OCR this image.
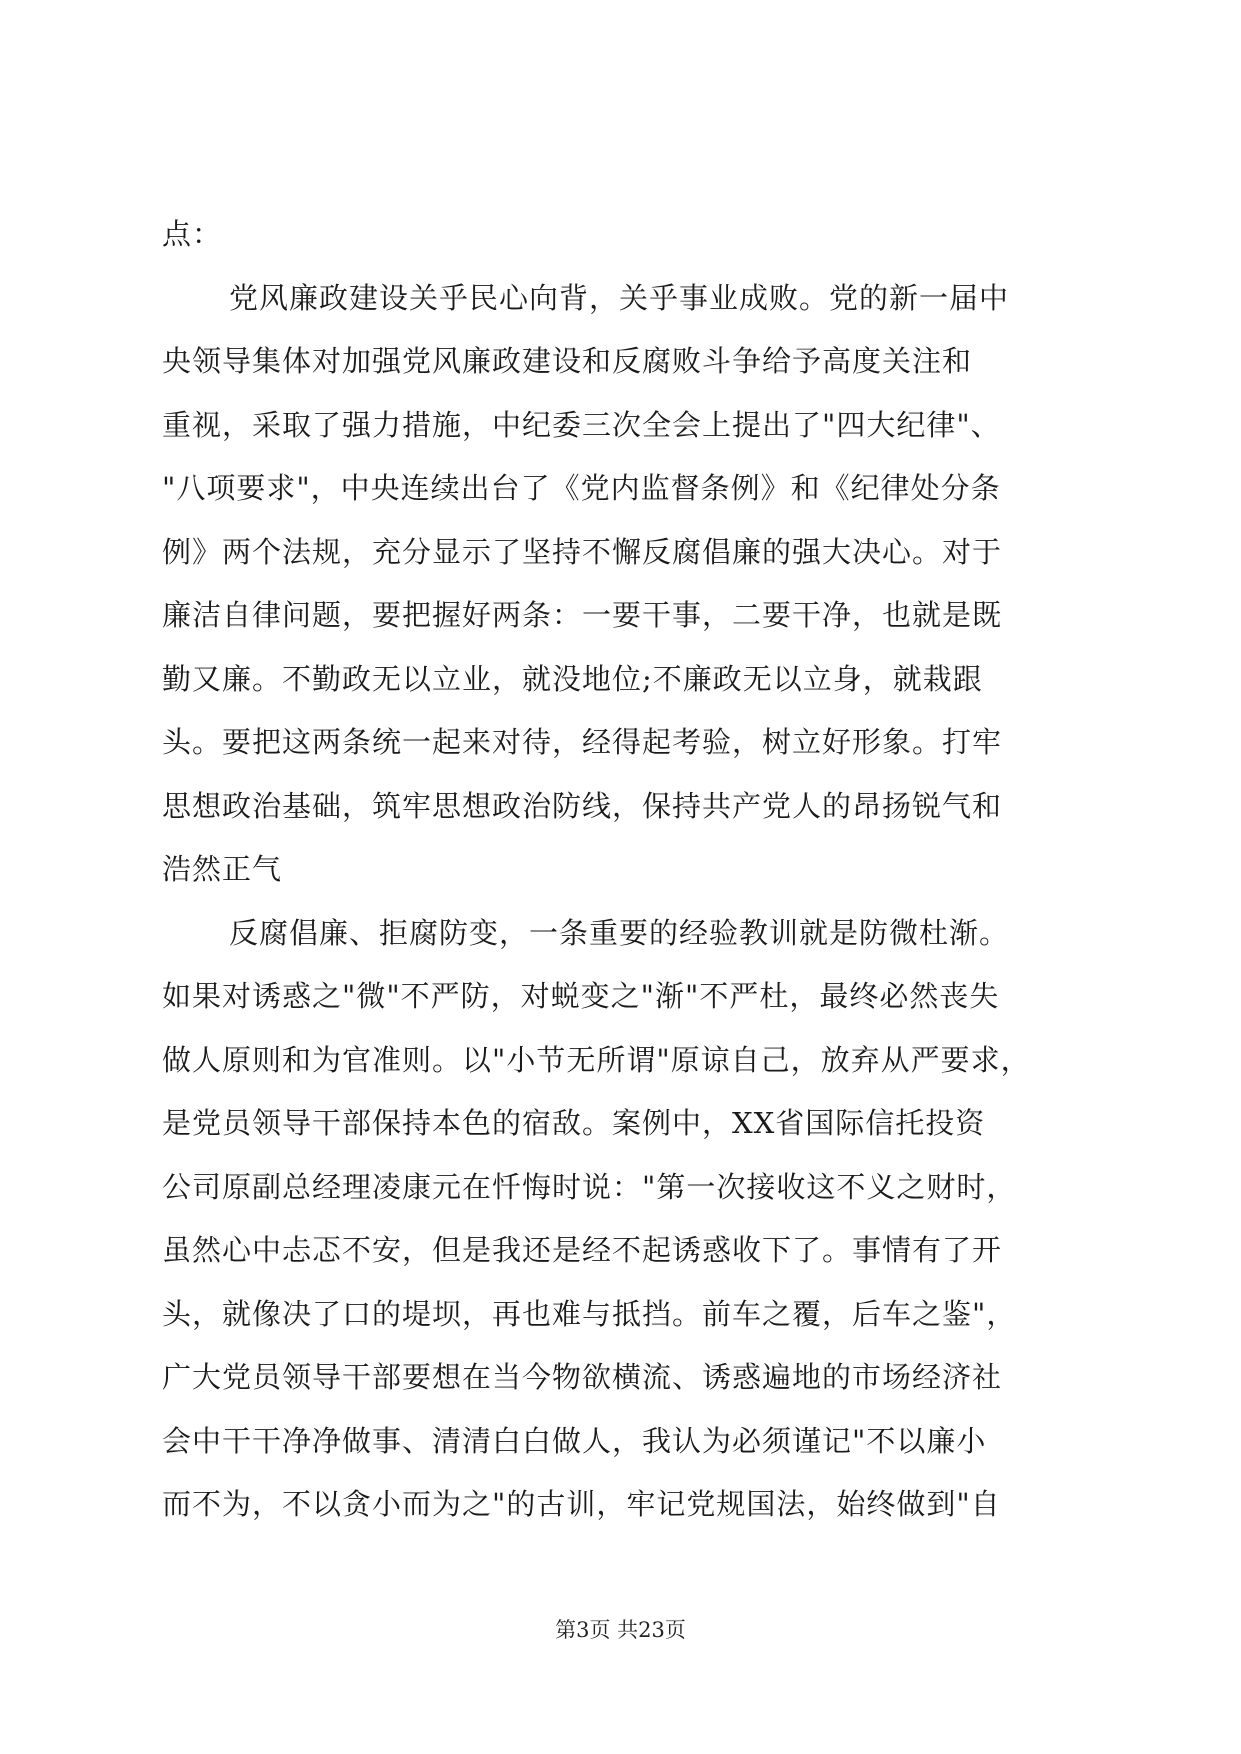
点：
党风廉政建设关乎民心向背，关乎事业成败。党的新一届中
央领导集体对加强党风廉政建设和反腐败斗争给予高度关注和
重视，采取了强力措施，中纪委三次全会上提出了"四大纪律"、
"八项要求"，中央连续出台了《党内监督条例》和《纪律处分条
例》两个法规，充分显示了坚持不懈反腐倡廉的强大决心。对于
廉洁自律问题，要把握好两条：一要干事，二要干净，也就是既
勤又廉。不勤政无以立业，就没地位;不廉政无以立身，就栽跟
头。要把这两条统一起来对待，经得起考验，树立好形象。打牢
思想政治基础，筑牢思想政治防线，保持共产党人的昂扬锐气和
浩然正气
反腐倡廉、拒腐防变，一条重要的经验教训就是防微杜渐。
如果对诱惑之"微"不严防，对蜕变之"渐"不严杜，最终必然丧失
做人原则和为官准则。以"小节无所谓"原谅自己，放弃从严要求，
是党员领导干部保持本色的宿敌。案例中，XX省国际信托投资
公司原副总经理凌康元在忏悔时说："第一次接收这不义之财时，
虽然心中忐忑不安，但是我还是经不起诱惑收下了。事情有了开
头，就像决了口的堤坝，再也难与抵挡。前车之覆，后车之鉴"，
广大党员领导干部要想在当今物欲横流、诱惑遍地的市场经济社
会中干干净净做事、清清白白做人，我认为必须谨记"不以廉小
而不为，不以贪小而为之"的古训，牢记党规国法，始终做到"自
第3页 共23页
